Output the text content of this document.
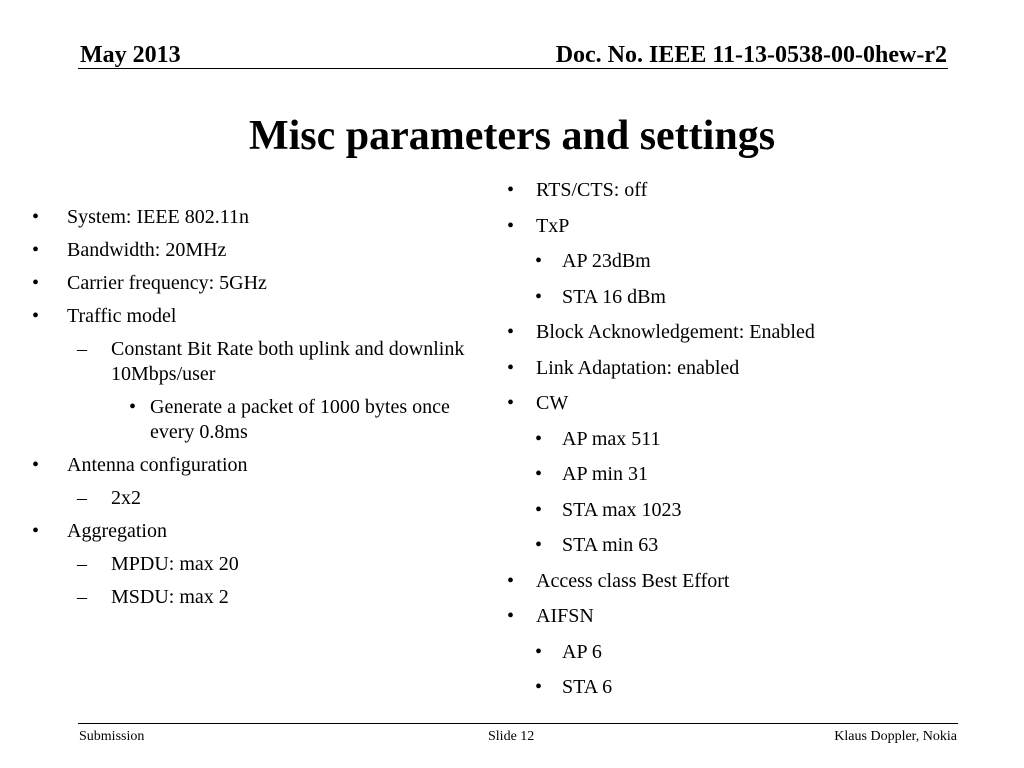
May 2013	Doc. No. IEEE 11-13-0538-00-0hew-r2
Misc parameters and settings
• System: IEEE 802.11n
• Bandwidth: 20MHz
• Carrier frequency: 5GHz
• Traffic model
– Constant Bit Rate both uplink and downlink 10Mbps/user
• Generate a packet of 1000 bytes once every 0.8ms
• Antenna configuration
– 2x2
• Aggregation
– MPDU: max 20
– MSDU: max 2
• RTS/CTS: off
• TxP
• AP 23dBm
• STA 16 dBm
• Block Acknowledgement: Enabled
• Link Adaptation: enabled
• CW
• AP max 511
• AP min 31
• STA max 1023
• STA min 63
• Access class Best Effort
• AIFSN
• AP 6
• STA 6
Submission	Slide 12	Klaus Doppler, Nokia
